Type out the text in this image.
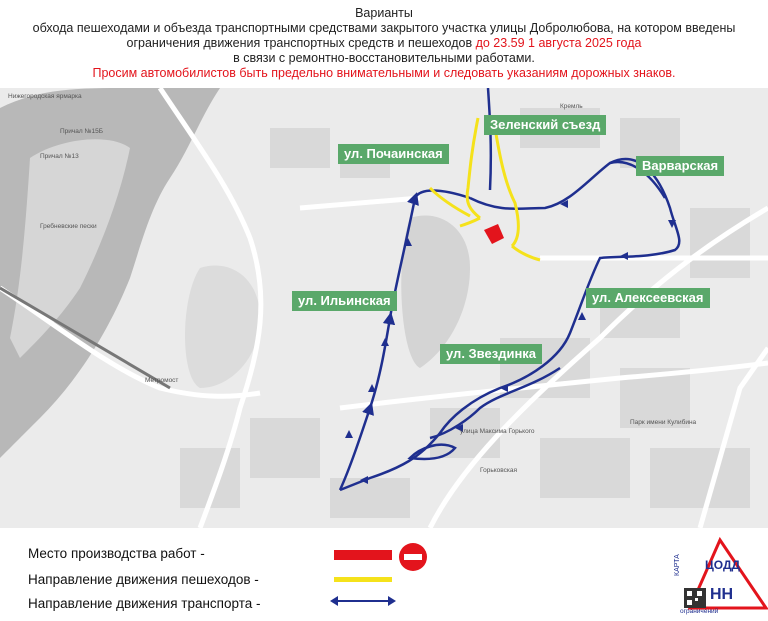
Варианты
обхода пешеходами и объезда транспортными средствами закрытого участка улицы Добролюбова, на котором введены
ограничения движения транспортных средств и пешеходов до 23.59 1 августа 2025 года
в связи с ремонтно-восстановительными работами.
Просим автомобилистов быть предельно внимательными и следовать указаниям дорожных знаков.
Нижегородская ярмарка
Гребневские пески
Причал №15Б
Причал №13
Кремль
Парк имени Кулибина
Горьковская
улица Максима Горького
Метромост
Зеленский съезд
ул. Почаинская
Варварская
ул. Ильинская	ул. Алексеевская
ул. Звездинка
Место производства работ -
Направление движения пешеходов -
Направление движения транспорта -
ЦОДД
НН
КАРТА
ограничений
